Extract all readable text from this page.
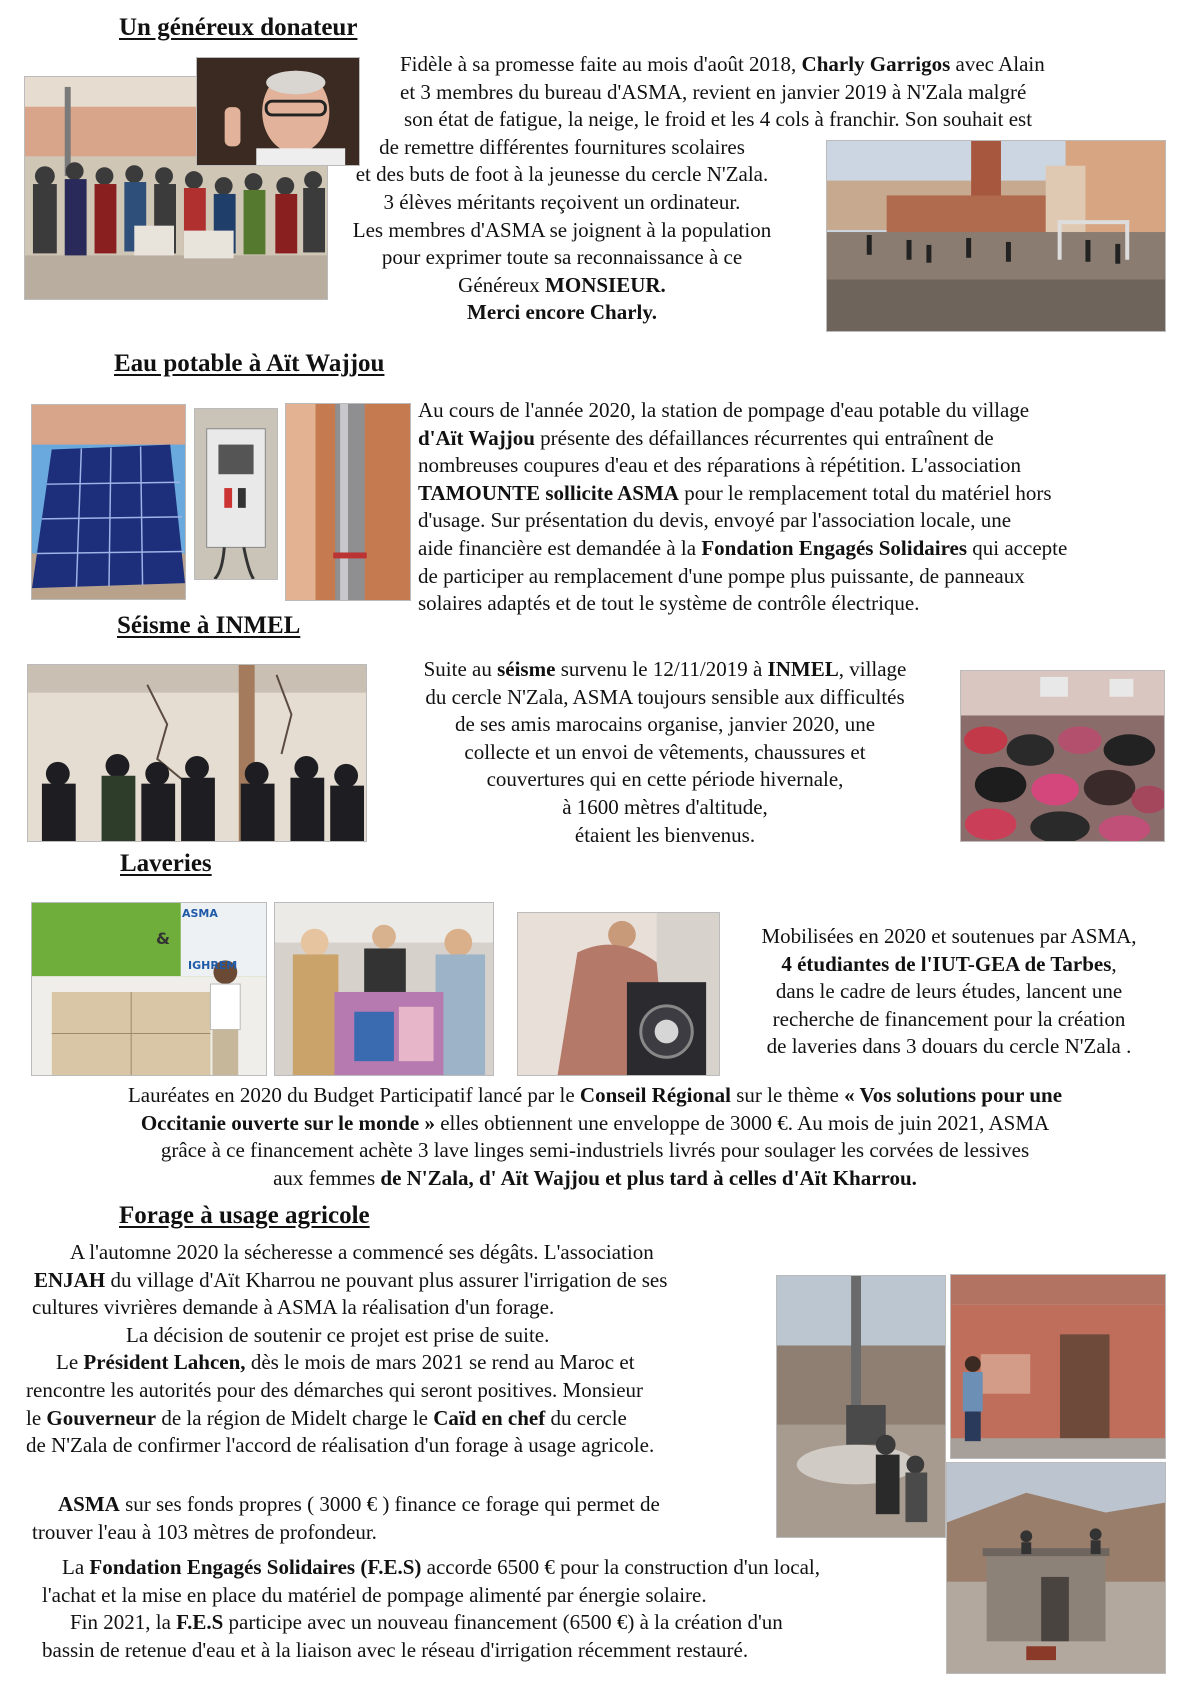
Un généreux donateur
Fidèle à sa promesse faite au mois d'août 2018, Charly Garrigos avec Alain
et 3 membres du bureau d'ASMA, revient en janvier 2019 à N'Zala malgré
son état de fatigue, la neige, le froid et les 4 cols à franchir. Son souhait est
de remettre différentes fournitures scolaires
et des buts de foot à la jeunesse du cercle N'Zala.
3 élèves méritants reçoivent un ordinateur.
Les membres d'ASMA se joignent à la population
pour exprimer toute sa reconnaissance à ce
Généreux MONSIEUR.
Merci encore Charly.
Eau potable à Aït Wajjou
Au cours de l'année 2020, la station de pompage d'eau potable du village
d'Aït Wajjou présente des défaillances récurrentes qui entraînent de
nombreuses coupures d'eau et des réparations à répétition. L'association
TAMOUNTE sollicite ASMA pour le remplacement total du matériel hors
d'usage. Sur présentation du devis, envoyé par l'association locale, une
aide financière est demandée à la Fondation Engagés Solidaires qui accepte
de participer au remplacement d'une pompe plus puissante, de panneaux
solaires adaptés et de tout le système de contrôle électrique.
Séisme à INMEL
Suite au séisme survenu le 12/11/2019 à INMEL, village
du cercle N'Zala, ASMA toujours sensible aux difficultés
de ses amis marocains organise, janvier 2020, une
collecte et un envoi de vêtements, chaussures et
couvertures qui en cette période hivernale,
à 1600 mètres d'altitude,
étaient les bienvenus.
Laveries
ASMA
&
IGHREM
Mobilisées en 2020 et soutenues par ASMA,
4 étudiantes de l'IUT-GEA de Tarbes,
dans le cadre de leurs études, lancent une
recherche de financement pour la création
de laveries dans 3 douars du cercle N'Zala .
Lauréates en 2020 du Budget Participatif lancé par le Conseil Régional sur le thème « Vos solutions pour une
Occitanie ouverte sur le monde » elles obtiennent une enveloppe de 3000 €. Au mois de juin 2021, ASMA
grâce à ce financement achète 3 lave linges semi-industriels livrés pour soulager les corvées de lessives
aux femmes de N'Zala, d' Aït Wajjou et plus tard à celles d'Aït Kharrou.
Forage à usage agricole
A l'automne 2020 la sécheresse a commencé ses dégâts. L'association
ENJAH du village d'Aït Kharrou ne pouvant plus assurer l'irrigation de ses
cultures vivrières demande à ASMA la réalisation d'un forage.
La décision de soutenir ce projet est prise de suite.
Le Président Lahcen, dès le mois de mars 2021 se rend au Maroc et
rencontre les autorités pour des démarches qui seront positives. Monsieur
le Gouverneur de la région de Midelt charge le Caïd en chef du cercle
de N'Zala de confirmer l'accord de réalisation d'un forage à usage agricole.
ASMA sur ses fonds propres ( 3000 € ) finance ce forage qui permet de
trouver l'eau à 103 mètres de profondeur.
La Fondation Engagés Solidaires (F.E.S) accorde 6500 € pour la construction d'un local,
l'achat et la mise en place du matériel de pompage alimenté par énergie solaire.
Fin 2021, la F.E.S participe avec un nouveau financement (6500 €) à la création d'un
bassin de retenue d'eau et à la liaison avec le réseau d'irrigation récemment restauré.
